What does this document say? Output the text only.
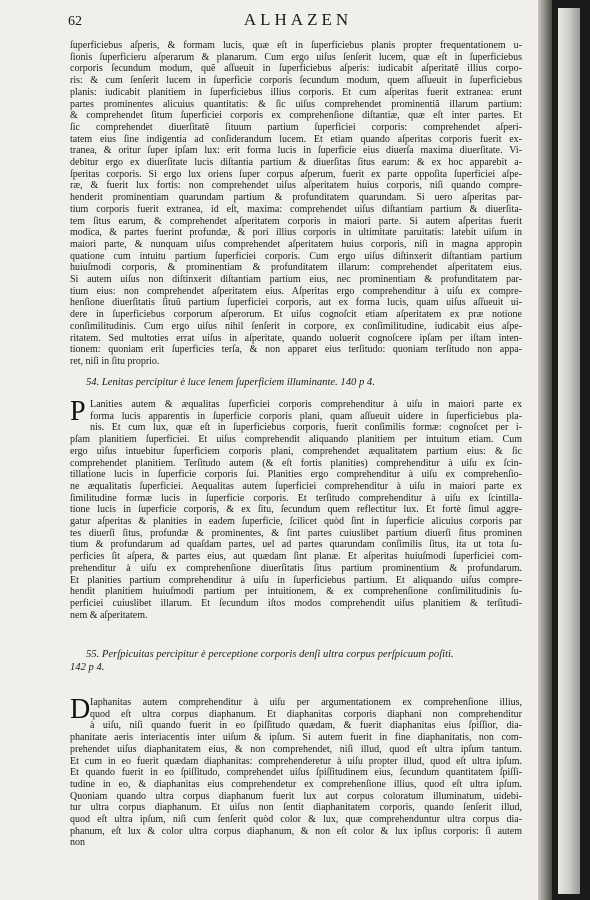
62	ALHAZEN
ſuperficiebus aſperis, & formam lucis, quæ eſt in ſuperficiebus planis propter frequentationem u-
ſionis ſuperficieru aſperarum & planarum. Cum ergo uiſus ſenſerit lucem, quæ eſt in ſuperficiebus
corporis ſecundum modum, quẽ aſſueuit in ſuperficiebus aſperis: iudicabit aſperitatẽ illius corpo-
ris: & cum ſenſerit lucem in ſuperficie corporis ſecundum modum, quem aſſueuit in ſuperficiebus
planis: iudicabit planitiem in ſuperficiebus illius corporis. Et cum aſperitas fuerit extranea: erunt
partes prominentes alicuius quantitatis: & ſic uiſus comprehendet prominentiã illarum partium:
& comprehendet ſitum ſuperficiei corporis ex comprehenſione diſtantiæ, quæ eſt inter partes. Et
ſic comprehendet diuerſitatẽ ſituum partium ſuperficiei corporis: comprehendet aſperi-
tatem eius ſine indigentia ad conſiderandum lucem. Et etiam quando aſperitas corporis fuerit ex-
tranea, & oritur ſuper ipſam lux: erit forma lucis in ſuperficie eius diuerſa maxima diuerſitate. Vi-
debitur ergo ex diuerſitate lucis diſtantia partium & diuerſitas ſitus earum: & ex hoc apparebit a-
ſperitas corporis. Si ergo lux oriens ſuper corpus aſperum, fuerit ex parte oppoſita ſuperficiei aſpe-
ræ, & fuerit lux fortis: non comprehendet uiſus aſperitatem huius corporis, niſi quando compre-
henderit prominentiam quarundam partium & profunditatem quarundam. Si uero aſperitas par-
tium corporis fuerit extranea, id eſt, maxima: comprehendet uiſus diſtantiam partium & diuerſita-
tem ſitus earum, & comprehendet aſperitatem corporis in maiori parte. Si autem aſperitas fuerit
modica, & partes fuerint profundæ, & pori illius corporis in ultimitate paruitatis: latebit uiſum in
maiori parte, & nunquam uiſus comprehendet aſperitatem huius corporis, niſi in magna appropin
quatione cum intuitu partium ſuperficiei corporis. Cum ergo uiſus diſtinxerit diſtantiam partium
huiuſmodi corporis, & prominentiam & profunditatem illarum: comprehendet aſperitatem eius.
Si autem uiſus non diſtinxerit diſtantiam partium eius, nec prominentiam & profunditatem par-
tium eius: non comprehendet aſperitatem eius. Aſperitas ergo comprehenditur à uiſu ex compre-
henſione diuerſitatis ſituũ partium ſuperficiei corporis, aut ex forma lucis, quam uiſus aſſueuit ui-
dere in ſuperficiebus corporum aſperorum. Et uiſus cognoſcit etiam aſperitatem ex præ notione
conſimilitudinis. Cum ergo uiſus nihil ſenſerit in corpore, ex conſimilitudine, iudicabit eius aſpe-
ritatem. Sed multoties errat uiſus in aſperitate, quando uoluerit cognoſcere ipſam per iſtam inten-
tionem: quoniam erit ſuperficies terſa, & non apparet eius terſitudo: quoniam terſitudo non appa-
ret, niſi in ſitu proprio.
54. Lenitas percipitur è luce lenem ſuperficiem illuminante. 140 p 4.
P Lanities autem & æqualitas ſuperficiei corporis comprehenditur à uiſu in maiori parte ex
forma lucis apparentis in ſuperficie corporis plani, quam aſſueuit uidere in ſuperficiebus pla-
nis. Et cum lux, quæ eſt in ſuperficiebus corporis, fuerit conſimilis formæ: cognoſcet per i-
pſam planitiem ſuperficiei. Et uiſus comprehendit aliquando planitiem per intuitum etiam. Cum
ergo uiſus intuebitur ſuperficiem corporis plani, comprehendet æqualitatem partium eius: & ſic
comprehendet planitiem. Terſitudo autem (& eſt fortis planities) comprehenditur à uiſu ex ſcin-
tillatione lucis in ſuperficie corporis ſui. Planities ergo comprehenditur à uiſu ex comprehenſio-
ne æqualitatis ſuperficiei. Aequalitas autem ſuperficiei comprehenditur à uiſu in maiori parte ex
ſimilitudine formæ lucis in ſuperficie corporis. Et terſitudo comprehenditur à uiſu ex ſcintilla-
tione lucis in ſuperficie corporis, & ex ſitu, ſecundum quem reflectitur lux. Et fortè ſimul aggre-
gatur aſperitas & planities in eadem ſuperficie, ſcilicet quòd ſint in ſuperficie alicuius corporis par
tes diuerſi ſitus, profundæ & prominentes, & ſint partes cuiuslibet partium diuerſi ſitus prominen
tium & profundarum ad quaſdam partes, uel ad partes quarundam conſimilis ſitus, ita ut tota ſu-
perficies ſit aſpera, & partes eius, aut quædam ſint planæ. Et aſperitas huiuſmodi ſuperficiei com-
prehenditur à uiſu ex comprehenſione diuerſitatis ſitus partium prominentium & profundarum.
Et planities partium comprehenditur à uiſu in ſuperficiebus partium. Et aliquando uiſus compre-
hendit planitiem huiuſmodi partium per intuitionem, & ex comprehenſione conſimilitudinis ſu-
perficiei cuiuslibet illarum. Et ſecundum iſtos modos comprehendit uiſus planitiem & terſitudi-
nem & aſperitatem.
55. Perſpicuitas percipitur è perceptione corporis denſi ultra corpus perſpicuum poſiti.
142 p 4.
D Iaphanitas autem comprehenditur à uiſu per argumentationem ex comprehenſione illius,
quod eſt ultra corpus diaphanum. Et diaphanitas corporis diaphani non comprehenditur
à uiſu, niſi quando fuerit in eo ſpiſſitudo quædam, & fuerit diaphanitas eius ſpiſſior, dia-
phanitate aeris interiacentis inter uiſum & ipſum. Si autem fuerit in fine diaphanitatis, non com-
prehendet uiſus diaphanitatem eius, & non comprehendet, niſi illud, quod eſt ultra ipſum tantum.
Et cum in eo fuerit quædam diaphanitas: comprehenderetur à uiſu propter illud, quod eſt ultra ipſum.
Et quando fuerit in eo ſpiſſitudo, comprehendet uiſus ſpiſſitudinem eius, ſecundum quantitatem ſpiſſi-
tudine in eo, & diaphanitas eius comprehendetur ex comprehenſione illius, quod eſt ultra ipſum.
Quoniam quando ultra corpus diaphanum fuerit lux aut corpus coloratum illuminatum, uidebi-
tur ultra corpus diaphanum. Et uiſus non ſentit diaphanitatem corporis, quando ſenſerit illud,
quod eſt ultra ipſum, niſi cum ſenſerit quòd color & lux, quæ comprehenduntur ultra corpus dia-
phanum, eſt lux & color ultra corpus diaphanum, & non eſt color & lux ipſius corporis: ſi autem
non
